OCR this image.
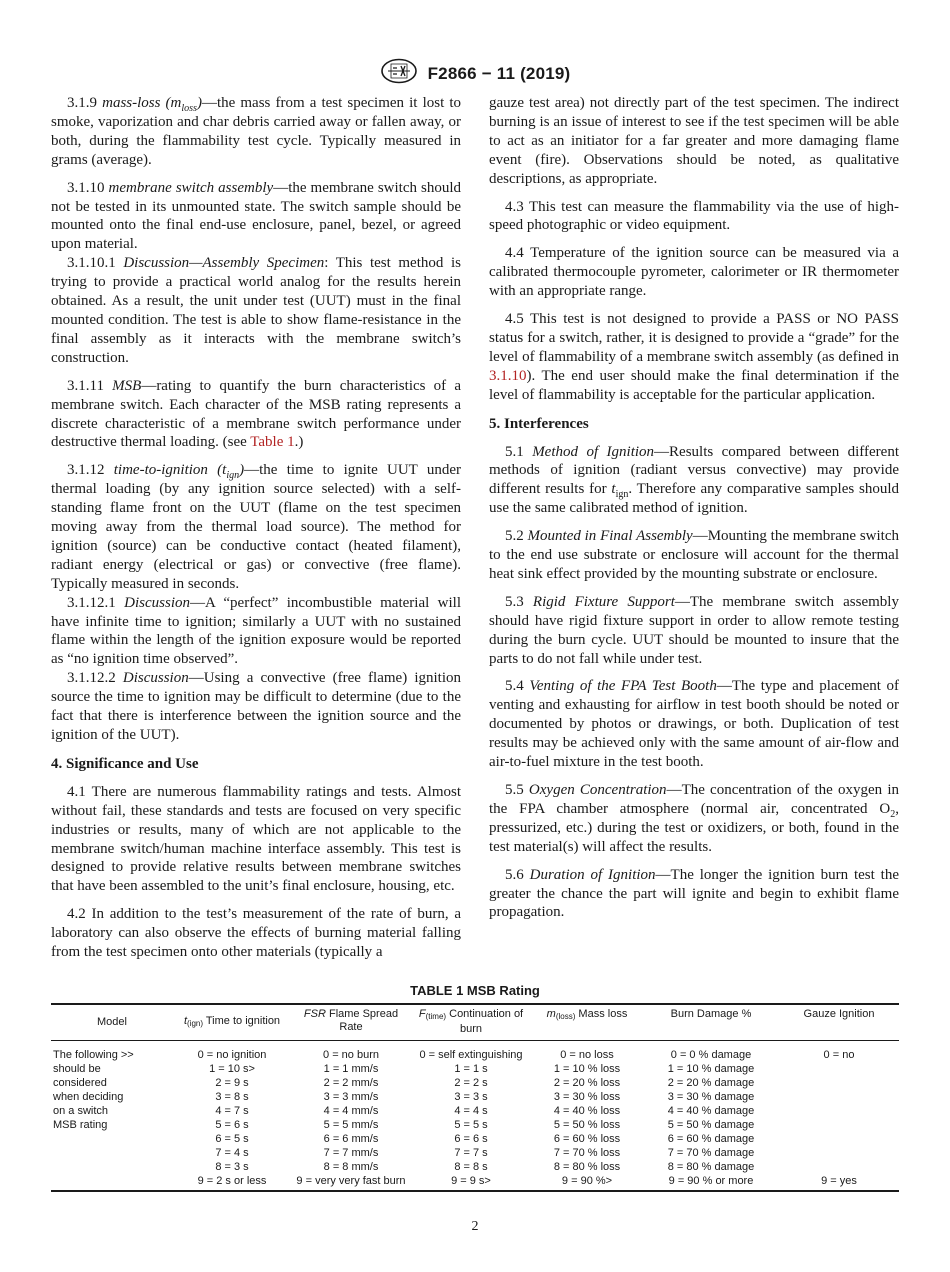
F2866 − 11 (2019)

3.1.9 mass-loss $(m_{loss})—the$ mass from a test specimen it lost to smoke, vaporization and char debris carried away or fallen away, or both, during the flammability test cycle. Typically measured in grams (average).

3.1.10 membrane switch assembly—the membrane switch should not be tested in its unmounted state. The switch sample should be mounted onto the final end-use enclosure, panel, bezel, or agreed upon material.

3.1.10.1 Discussion—Assembly Specimen: This test method is trying to provide a practical world analog for the results herein obtained. As a result, the unit under test (UUT) must in the final mounted condition. The test is able to show flame-resistance in the final assembly as it interacts with the membrane switch’s construction.

3.1.11 MSB—rating to quantify the burn characteristics of a membrane switch. Each character of the MSB rating represents a discrete characteristic of a membrane switch performance under destructive thermal loading. (see Table 1.)

3.1.12 time-to-ignition $(t_{ign})—the$ time to ignite UUT under thermal loading (by any ignition source selected) with a self-standing flame front on the UUT (flame on the test specimen moving away from the thermal load source). The method for ignition (source) can be conductive contact (heated filament), radiant energy (electrical or gas) or convective (free flame). Typically measured in seconds.

3.1.12.1 Discussion—A “perfect” incombustible material will have infinite time to ignition; similarly a UUT with no sustained flame within the length of the ignition exposure would be reported as “no ignition time observed”.

3.1.12.2 Discussion—Using a convective (free flame) ignition source the time to ignition may be difficult to determine (due to the fact that there is interference between the ignition source and the ignition of the UUT).

4. Significance and Use

4.1 There are numerous flammability ratings and tests. Almost without fail, these standards and tests are focused on very specific industries or results, many of which are not applicable to the membrane switch/human machine interface assembly. This test is designed to provide relative results between membrane switches that have been assembled to the unit’s final enclosure, housing, etc.

4.2 In addition to the test’s measurement of the rate of burn, a laboratory can also observe the effects of burning material falling from the test specimen onto other materials (typically a

gauze test area) not directly part of the test specimen. The indirect burning is an issue of interest to see if the test specimen will be able to act as an initiator for a far greater and more damaging flame event (fire). Observations should be noted, as qualitative descriptions, as appropriate.

4.3 This test can measure the flammability via the use of high-speed photographic or video equipment.

4.4 Temperature of the ignition source can be measured via a calibrated thermocouple pyrometer, calorimeter or IR thermometer with an appropriate range.

4.5 This test is not designed to provide a PASS or NO PASS status for a switch, rather, it is designed to provide a “grade” for the level of flammability of a membrane switch assembly (as defined in 3.1.10). The end user should make the final determination if the level of flammability is acceptable for the particular application.

5. Interferences

5.1 Method of Ignition—Results compared between different methods of ignition (radiant versus convective) may provide different results for $t_{ign}$. Therefore any comparative samples should use the same calibrated method of ignition.

5.2 Mounted in Final Assembly—Mounting the membrane switch to the end use substrate or enclosure will account for the thermal heat sink effect provided by the mounting substrate or enclosure.

5.3 Rigid Fixture Support—The membrane switch assembly should have rigid fixture support in order to allow remote testing during the burn cycle. UUT should be mounted to insure that the parts to do not fall while under test.

5.4 Venting of the FPA Test Booth—The type and placement of venting and exhausting for airflow in test booth should be noted or documented by photos or drawings, or both. Duplication of test results may be achieved only with the same amount of air-flow and air-to-fuel mixture in the test booth.

5.5 Oxygen Concentration—The concentration of the oxygen in the FPA chamber atmosphere (normal air, concentrated $O_2$, pressurized, etc.) during the test or oxidizers, or both, found in the test material(s) will affect the results.

5.6 Duration of Ignition—The longer the ignition burn test the greater the chance the part will ignite and begin to exhibit flame propagation.

TABLE 1 MSB Rating
Model	$t_{(ign)}$ Time to ignition	FSR Flame Spread Rate	$F_{(time)}$ Continuation of burn	$m_{(loss)}$ Mass loss	Burn Damage %	Gauze Ignition
The following >>	0 = no ignition	0 = no burn	0 = self extinguishing	0 = no loss	0 = 0 % damage	0 = no
should be	1 = 10 s>	1 = 1 mm/s	1 = 1 s	1 = 10 % loss	1 = 10 % damage	
considered	2 = 9 s	2 = 2 mm/s	2 = 2 s	2 = 20 % loss	2 = 20 % damage	
when deciding	3 = 8 s	3 = 3 mm/s	3 = 3 s	3 = 30 % loss	3 = 30 % damage	
on a switch	4 = 7 s	4 = 4 mm/s	4 = 4 s	4 = 40 % loss	4 = 40 % damage	
MSB rating	5 = 6 s	5 = 5 mm/s	5 = 5 s	5 = 50 % loss	5 = 50 % damage	
	6 = 5 s	6 = 6 mm/s	6 = 6 s	6 = 60 % loss	6 = 60 % damage	
	7 = 4 s	7 = 7 mm/s	7 = 7 s	7 = 70 % loss	7 = 70 % damage	
	8 = 3 s	8 = 8 mm/s	8 = 8 s	8 = 80 % loss	8 = 80 % damage	
	9 = 2 s or less	9 = very very fast burn	9 = 9 s>	9 = 90 %>	9 = 90 % or more	9 = yes
2
